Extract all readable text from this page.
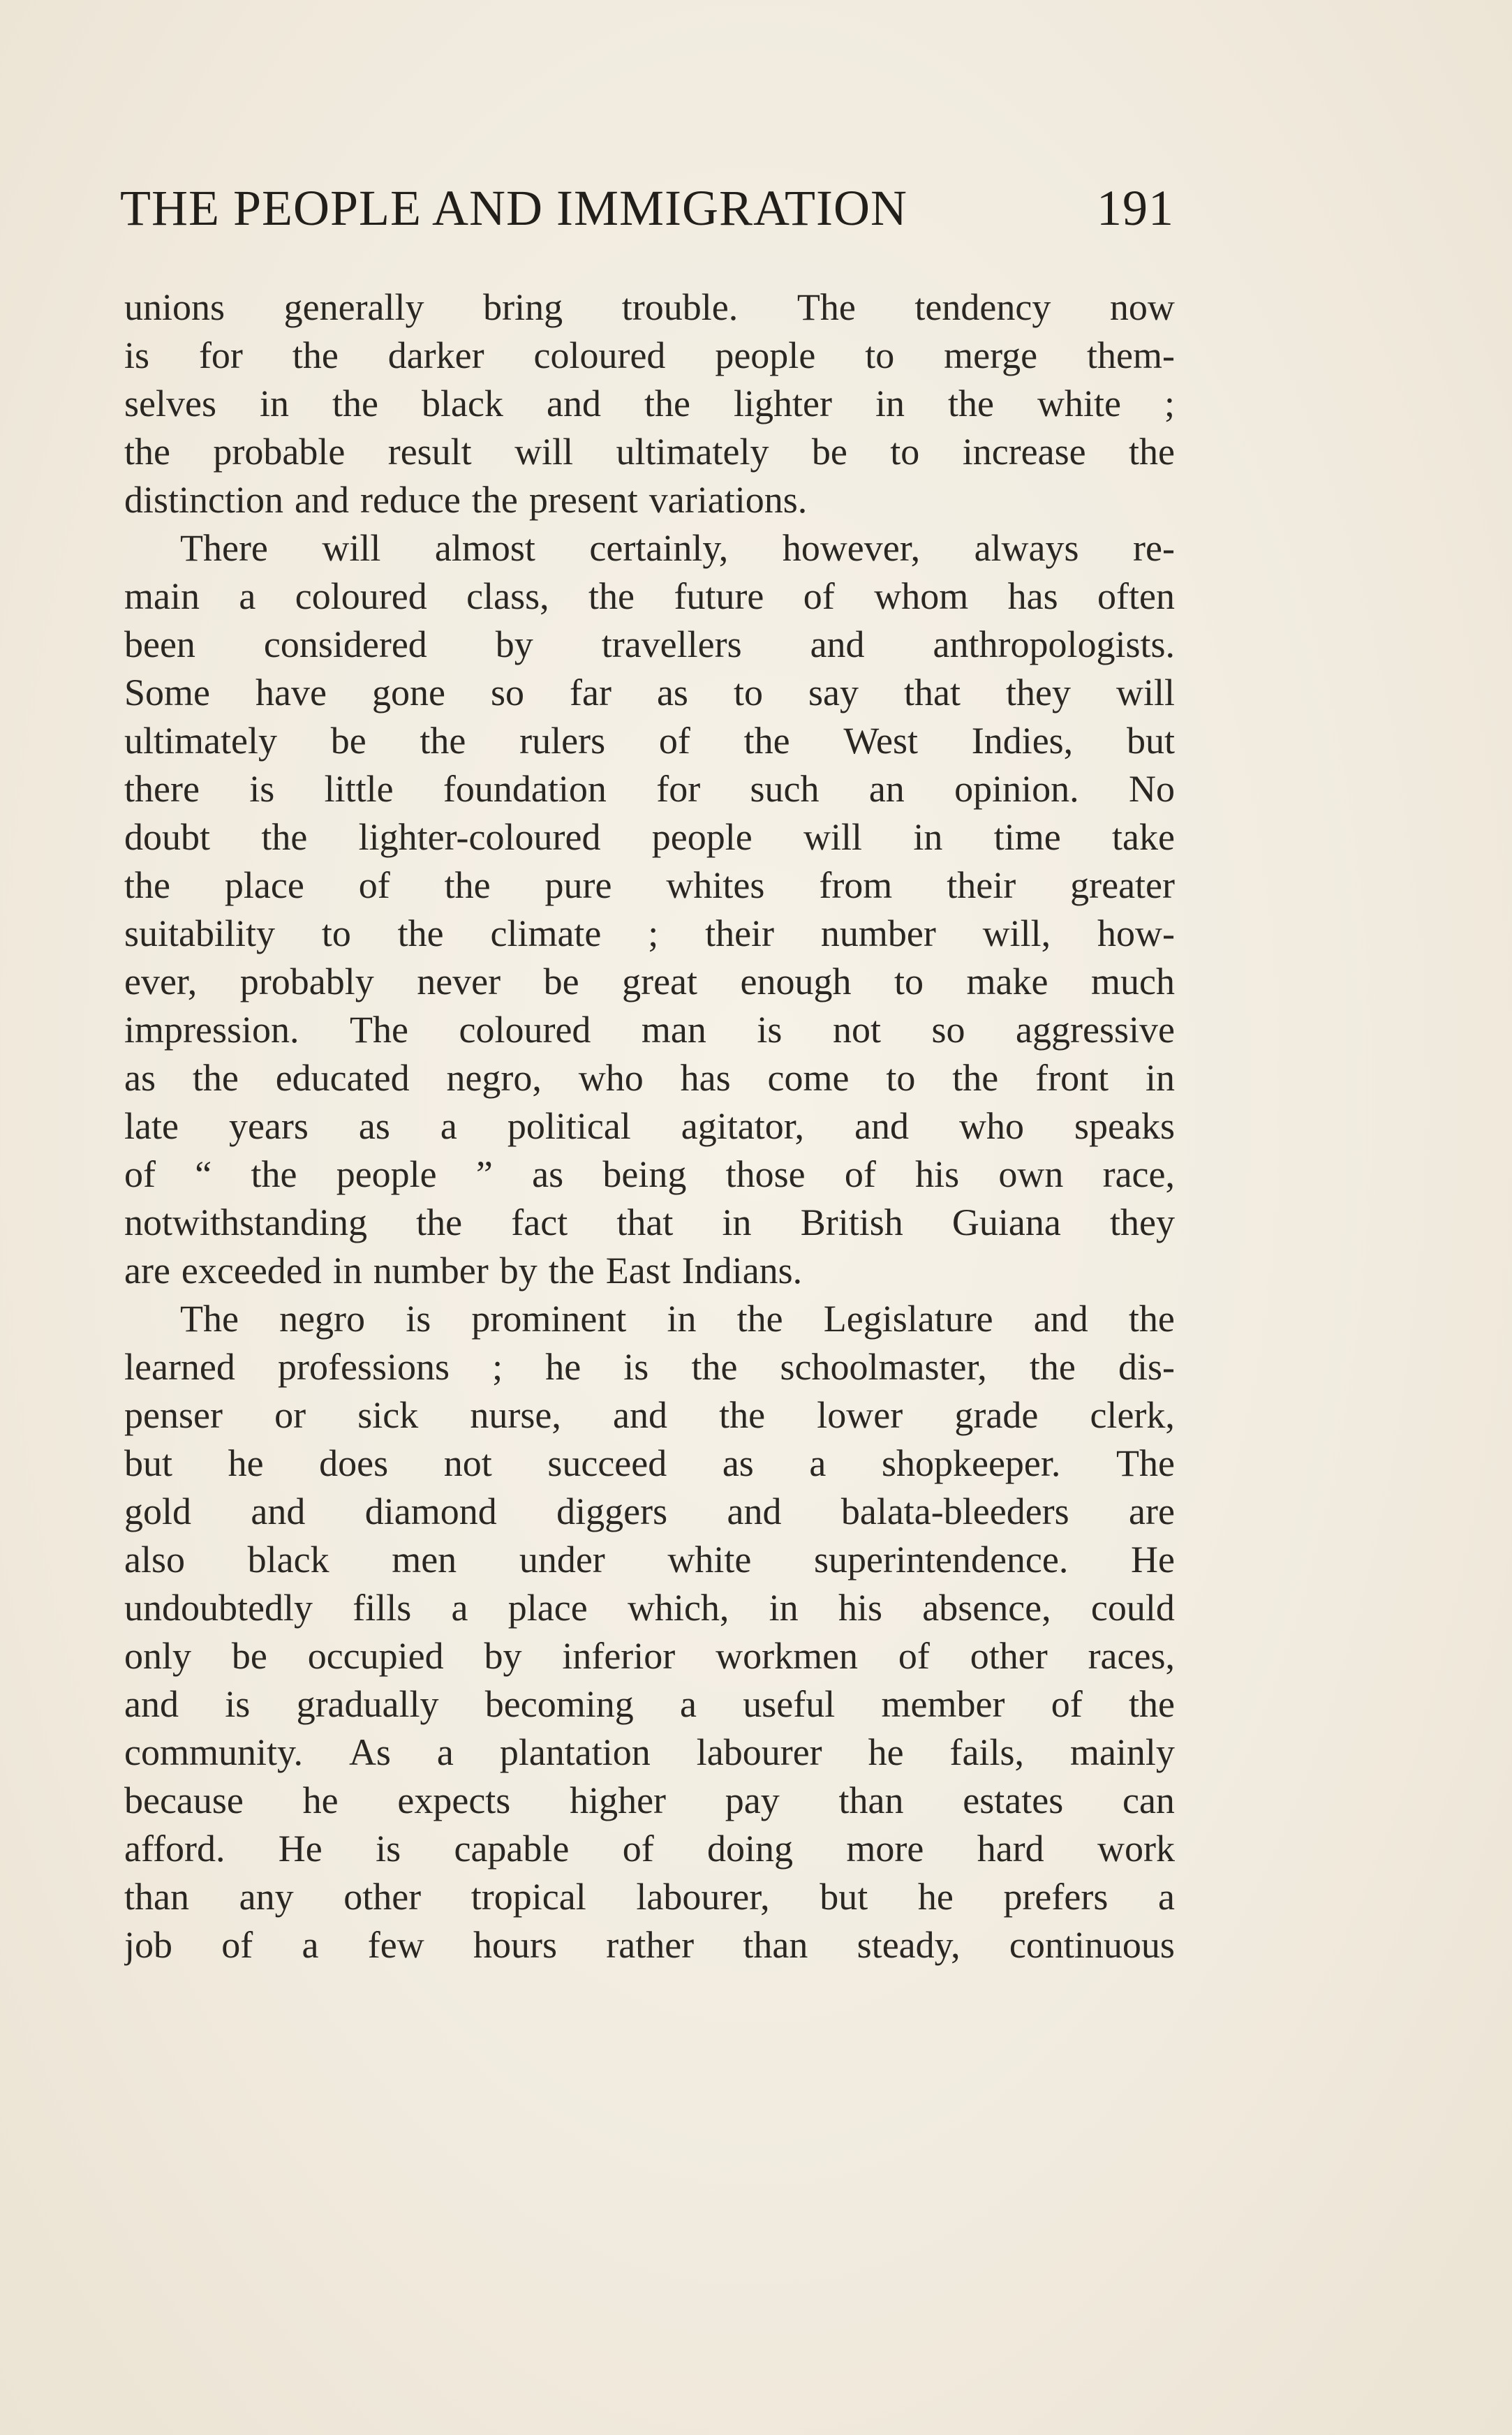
THE PEOPLE AND IMMIGRATION	191
unions generally bring trouble. The tendency now
is for the darker coloured people to merge them-
selves in the black and the lighter in the white ;
the probable result will ultimately be to increase the
distinction and reduce the present variations.
There will almost certainly, however, always re-
main a coloured class, the future of whom has often
been considered by travellers and anthropologists.
Some have gone so far as to say that they will
ultimately be the rulers of the West Indies, but
there is little foundation for such an opinion. No
doubt the lighter-coloured people will in time take
the place of the pure whites from their greater
suitability to the climate ; their number will, how-
ever, probably never be great enough to make much
impression. The coloured man is not so aggressive
as the educated negro, who has come to the front in
late years as a political agitator, and who speaks
of “ the people ” as being those of his own race,
notwithstanding the fact that in British Guiana they
are exceeded in number by the East Indians.
The negro is prominent in the Legislature and the
learned professions ; he is the schoolmaster, the dis-
penser or sick nurse, and the lower grade clerk,
but he does not succeed as a shopkeeper. The
gold and diamond diggers and balata-bleeders are
also black men under white superintendence. He
undoubtedly fills a place which, in his absence, could
only be occupied by inferior workmen of other races,
and is gradually becoming a useful member of the
community. As a plantation labourer he fails, mainly
because he expects higher pay than estates can
afford. He is capable of doing more hard work
than any other tropical labourer, but he prefers a
job of a few hours rather than steady, continuous
